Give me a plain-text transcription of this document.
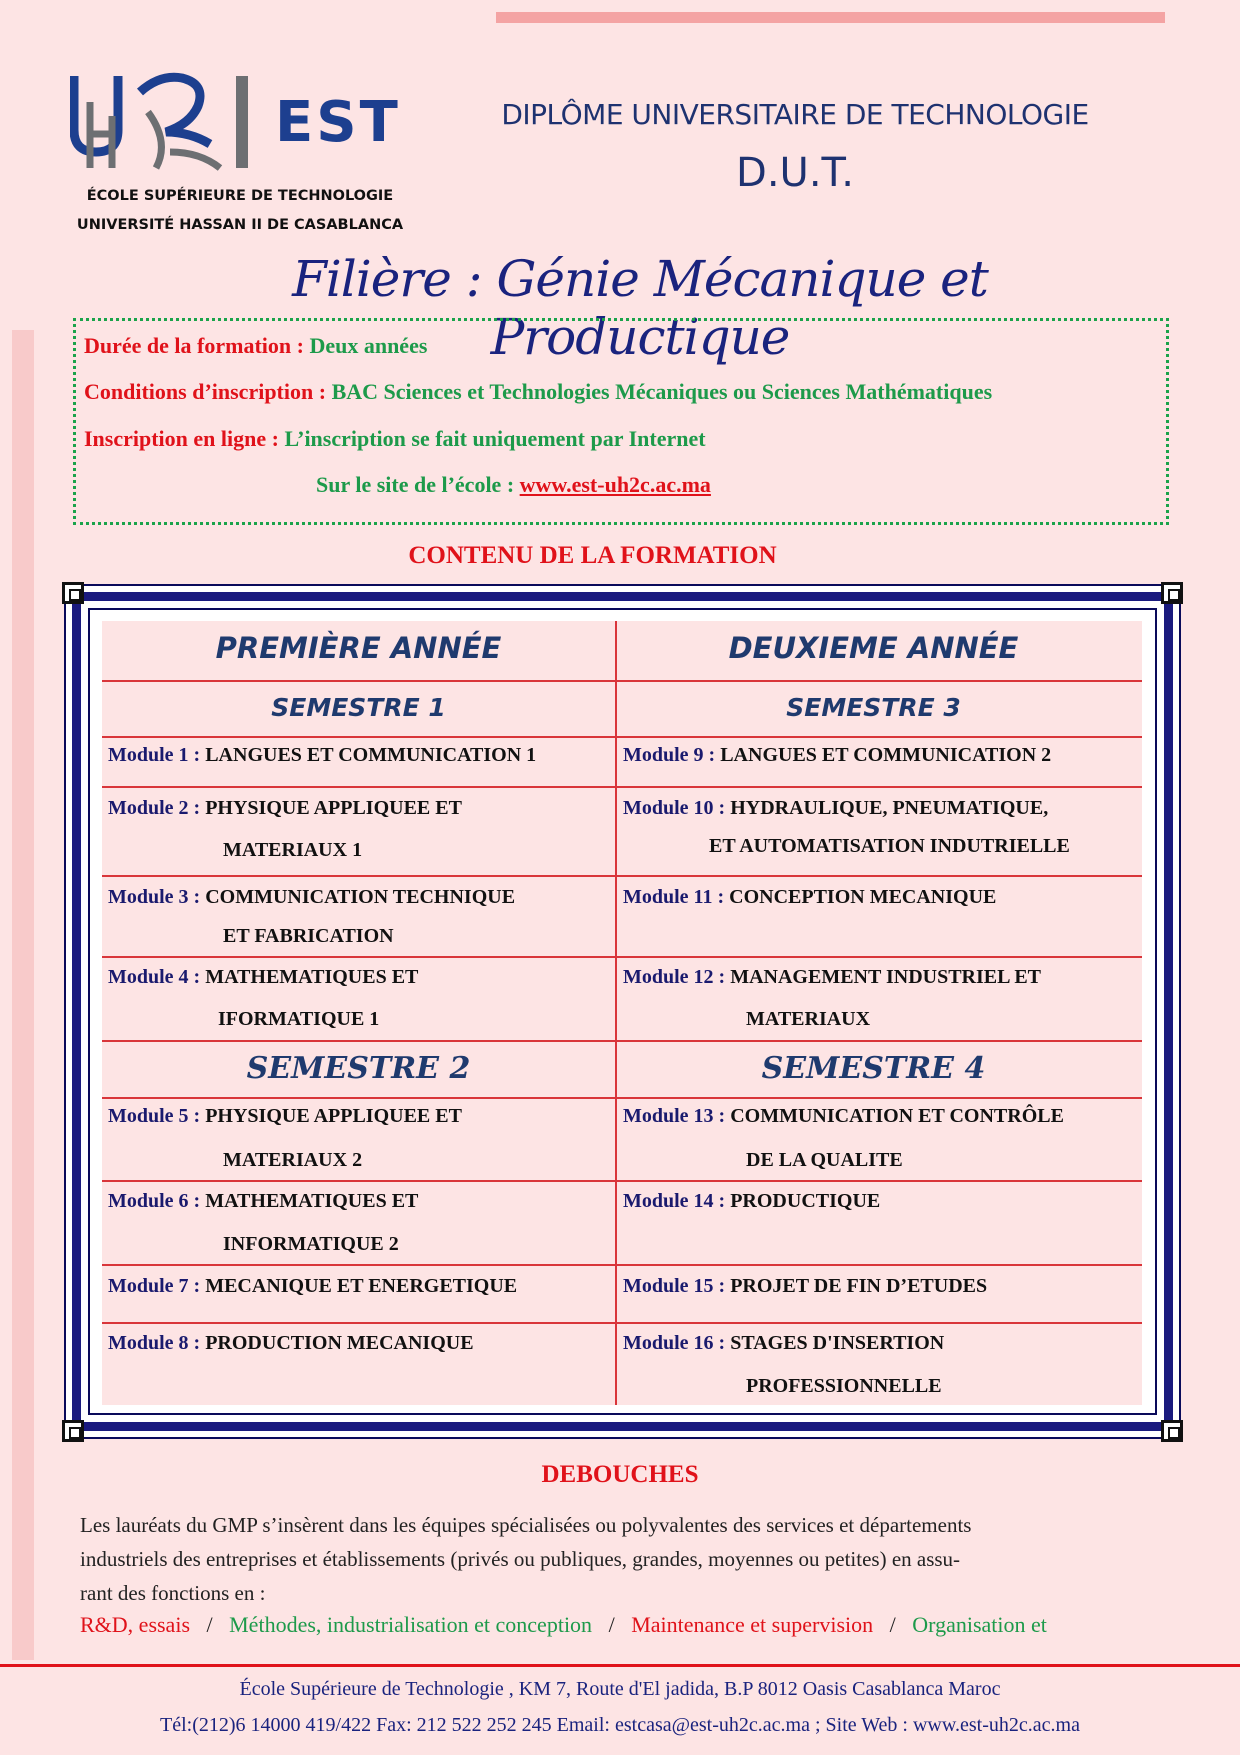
EST
ÉCOLE SUPÉRIEURE DE TECHNOLOGIE
UNIVERSITÉ HASSAN II DE CASABLANCA
DIPLÔME UNIVERSITAIRE DE TECHNOLOGIE
D.U.T.
Filière : Génie Mécanique et Productique
Durée de la formation : Deux années
Conditions d’inscription : BAC Sciences et Technologies Mécaniques ou Sciences Mathématiques
Inscription en ligne : L’inscription se fait uniquement par Internet
Sur le site de l’école : www.est-uh2c.ac.ma
CONTENU DE LA FORMATION
PREMIÈRE ANNÉE
SEMESTRE 1
Module 1 : LANGUES ET COMMUNICATION 1
Module 2 : PHYSIQUE APPLIQUEE ET
MATERIAUX 1
Module 3 : COMMUNICATION TECHNIQUE
ET FABRICATION
Module 4 : MATHEMATIQUES ET
IFORMATIQUE 1
SEMESTRE 2
Module 5 : PHYSIQUE APPLIQUEE ET
MATERIAUX 2
Module 6 : MATHEMATIQUES ET
INFORMATIQUE 2
Module 7 : MECANIQUE ET ENERGETIQUE
Module 8 : PRODUCTION MECANIQUE
DEUXIEME ANNÉE
SEMESTRE 3
Module 9 : LANGUES ET COMMUNICATION 2
Module 10 : HYDRAULIQUE, PNEUMATIQUE,
ET AUTOMATISATION INDUTRIELLE
Module 11 : CONCEPTION MECANIQUE
Module 12 : MANAGEMENT INDUSTRIEL ET
MATERIAUX
SEMESTRE 4
Module 13 : COMMUNICATION ET CONTRÔLE
DE LA QUALITE
Module 14 : PRODUCTIQUE
Module 15 : PROJET DE FIN D’ETUDES
Module 16 : STAGES D'INSERTION
PROFESSIONNELLE
DEBOUCHES
Les lauréats du GMP s’insèrent dans les équipes spécialisées ou polyvalentes des services et départements
industriels des entreprises et établissements (privés ou publiques, grandes, moyennes ou petites) en assu-
rant des fonctions en :
R&D, essais / Méthodes, industrialisation et conception / Maintenance et supervision / Organisation et
École Supérieure de Technologie , KM 7, Route d'El jadida, B.P 8012 Oasis Casablanca Maroc
Tél:(212)6 14000 419/422 Fax: 212 522 252 245 Email: estcasa@est-uh2c.ac.ma ; Site Web : www.est-uh2c.ac.ma
